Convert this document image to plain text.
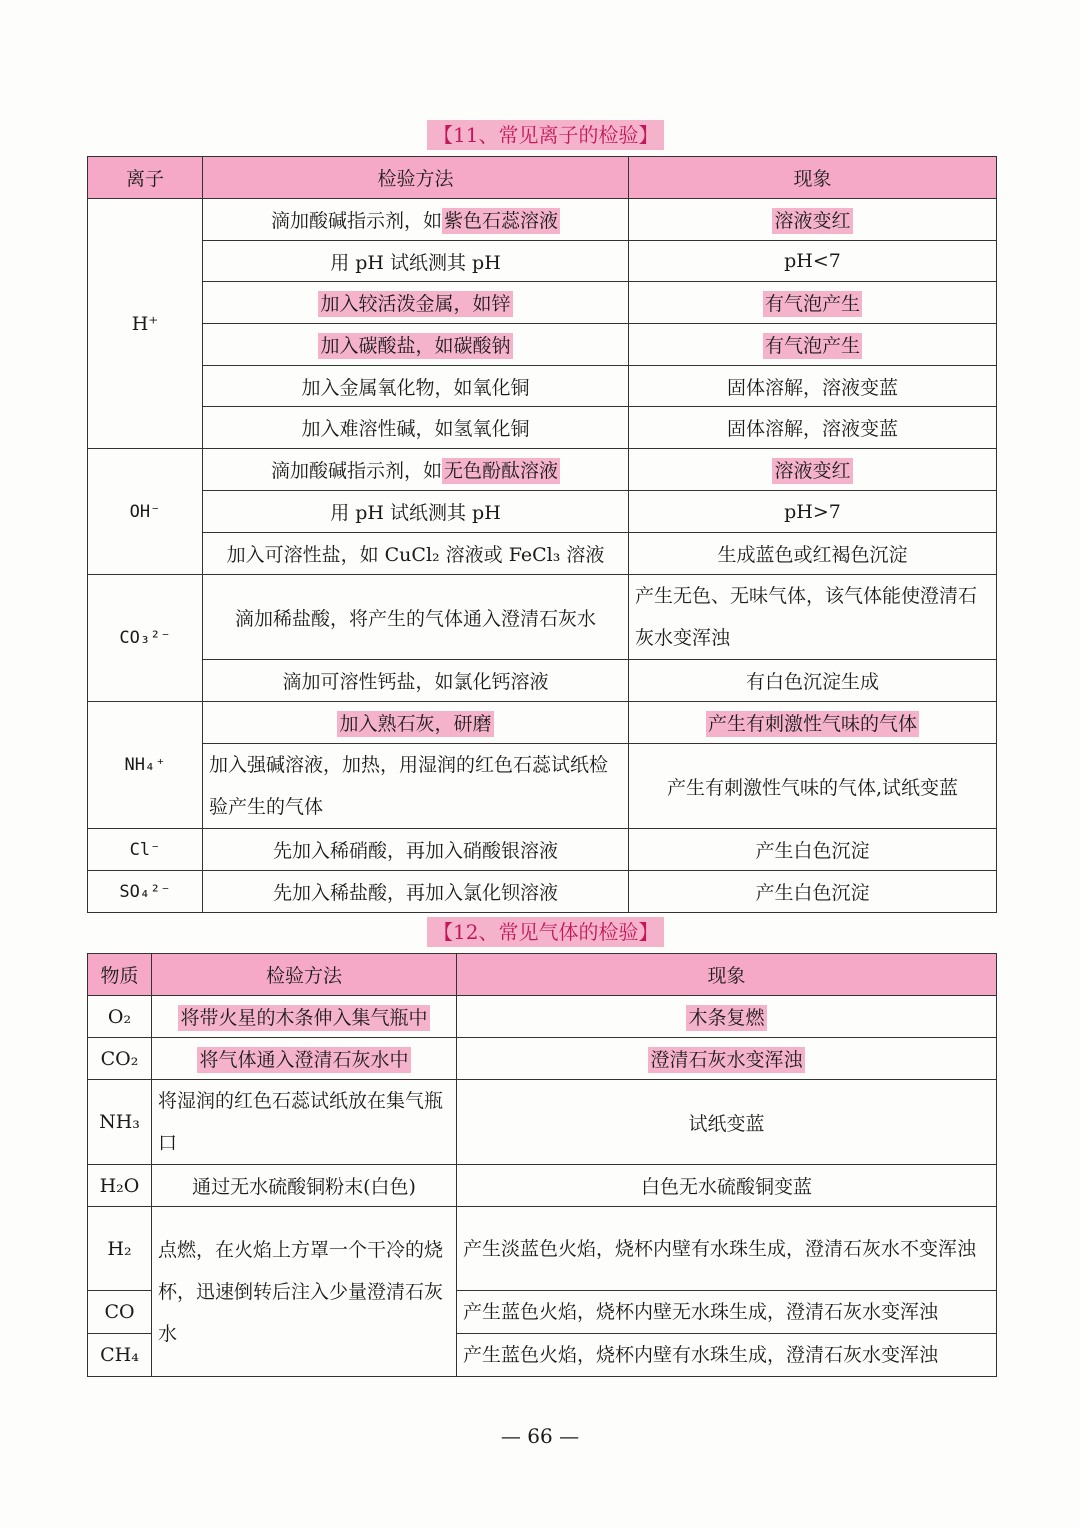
【11、常见离子的检验】
离子	检验方法	现象
H⁺	滴加酸碱指示剂，如 紫色石蕊溶液	溶液变红
	用 pH 试纸测其 pH	pH<7
	加入较活泼金属，如锌	有气泡产生
	加入碳酸盐，如碳酸钠	有气泡产生
	加入金属氧化物，如氧化铜	固体溶解，溶液变蓝
	加入难溶性碱，如氢氧化铜	固体溶解，溶液变蓝
OH⁻	滴加酸碱指示剂，如 无色酚酞溶液	溶液变红
	用 pH 试纸测其 pH	pH>7
	加入可溶性盐，如 CuCl₂ 溶液或 FeCl₃ 溶液	生成蓝色或红褐色沉淀
CO₃²⁻	滴加稀盐酸，将产生的气体通入澄清石灰水	产生无色、无味气体，该气体能使澄清石灰水变浑浊
	滴加可溶性钙盐，如氯化钙溶液	有白色沉淀生成
NH₄⁺	加入熟石灰，研磨	产生有刺激性气味的气体
	加入强碱溶液，加热，用湿润的红色石蕊试纸检验产生的气体	产生有刺激性气味的气体,试纸变蓝
Cl⁻	先加入稀硝酸，再加入硝酸银溶液	产生白色沉淀
SO₄²⁻	先加入稀盐酸，再加入氯化钡溶液	产生白色沉淀
【12、常见气体的检验】
物质	检验方法	现象
O₂	将带火星的木条伸入集气瓶中	木条复燃
CO₂	将气体通入澄清石灰水中	澄清石灰水变浑浊
NH₃	将湿润的红色石蕊试纸放在集气瓶口	试纸变蓝
H₂O	通过无水硫酸铜粉末(白色)	白色无水硫酸铜变蓝
H₂	点燃，在火焰上方罩一个干冷的烧杯，迅速倒转后注入少量澄清石灰水	产生淡蓝色火焰，烧杯内壁有水珠生成，澄清石灰水不变浑浊
CO		产生蓝色火焰，烧杯内壁无水珠生成，澄清石灰水变浑浊
CH₄		产生蓝色火焰，烧杯内壁有水珠生成，澄清石灰水变浑浊
— 66 —
